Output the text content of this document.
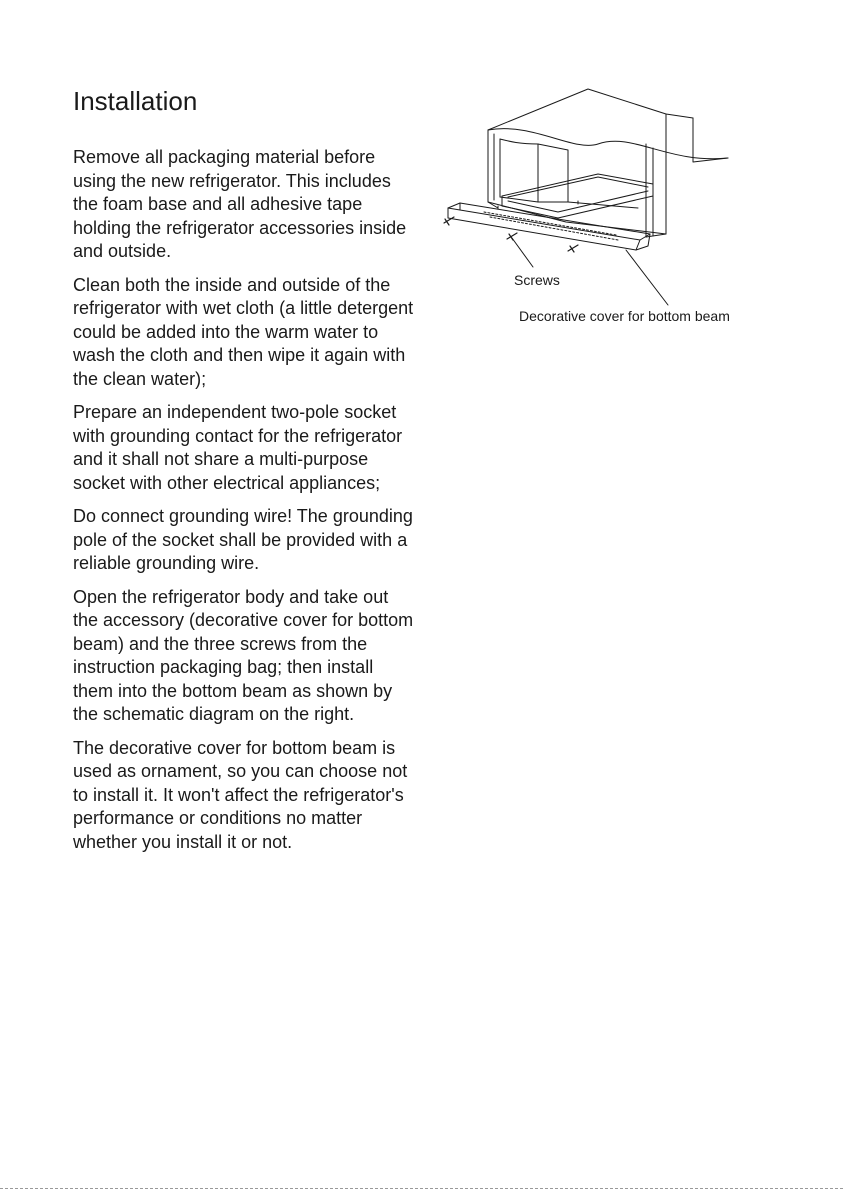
Installation

Remove all packaging material before using the new refrigerator. This includes the foam base and all adhesive tape holding the refrigerator accessories inside and outside.

Clean both the inside and outside of the refrigerator with wet cloth (a little detergent could be added into the warm water to wash the cloth and then wipe it again with the clean water);

Prepare an independent two-pole socket with grounding contact for the refrigerator and it shall not share a multi-purpose socket with other electrical appliances;

Do connect grounding wire! The grounding pole of the socket shall be provided with a reliable grounding wire.

Open the refrigerator body and take out the accessory (decorative cover for bottom beam) and the three screws from the instruction packaging bag; then install them into the bottom beam as shown by the schematic diagram on the right.

The decorative cover for bottom beam is used as ornament, so you can choose not to install it. It won't affect the refrigerator's performance or conditions no matter whether you install it or not.

Screws
Decorative cover for bottom beam
